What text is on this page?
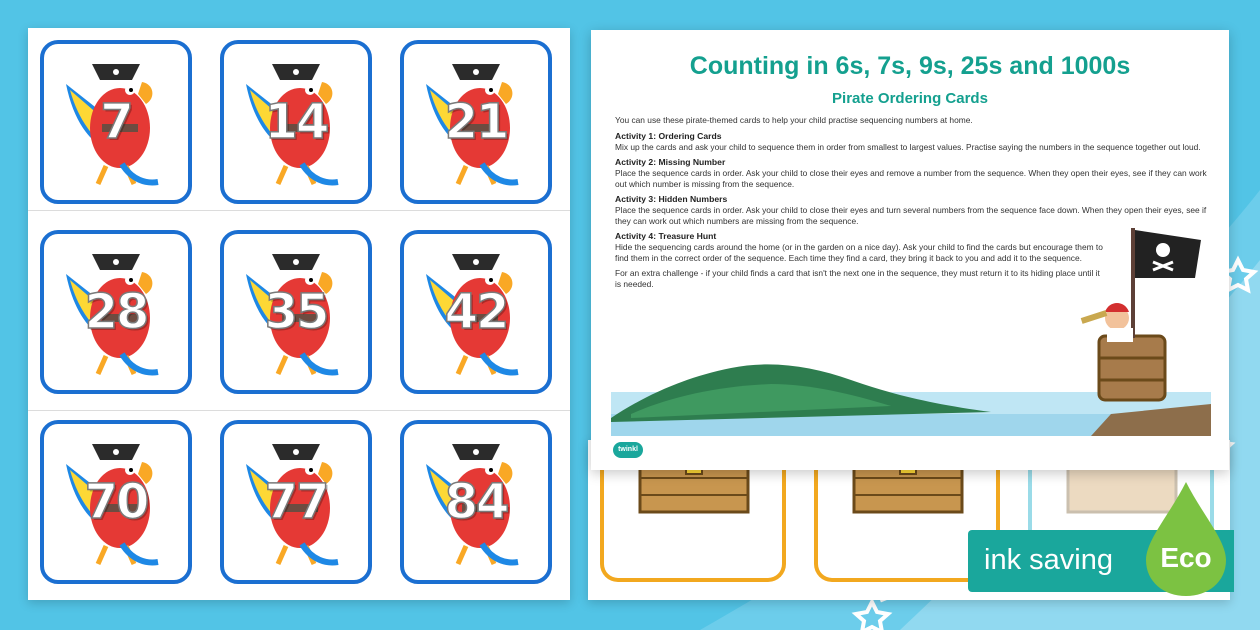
7	14	21
28	35	42
70	77	84
Counting in 6s, 7s, 9s, 25s and 1000s
Pirate Ordering Cards

You can use these pirate-themed cards to help your child practise sequencing numbers at home.

Activity 1: Ordering Cards

Mix up the cards and ask your child to sequence them in order from smallest to largest values. Practise saying the numbers in the sequence together out loud.

Activity 2: Missing Number

Place the sequence cards in order. Ask your child to close their eyes and remove a number from the sequence. When they open their eyes, see if they can work out which number is missing from the sequence.

Activity 3: Hidden Numbers

Place the sequence cards in order. Ask your child to close their eyes and turn several numbers from the sequence face down. When they open their eyes, see if they can work out which numbers are missing from the sequence.

Activity 4: Treasure Hunt

Hide the sequencing cards around the home (or in the garden on a nice day). Ask your child to find the cards but encourage them to find them in the correct order of the sequence. Each time they find a card, they bring it back to you and add it to the sequence.

For an extra challenge - if your child finds a card that isn't the next one in the sequence, they must return it to its hiding place until it is needed.

twinkl
ink saving	Eco
